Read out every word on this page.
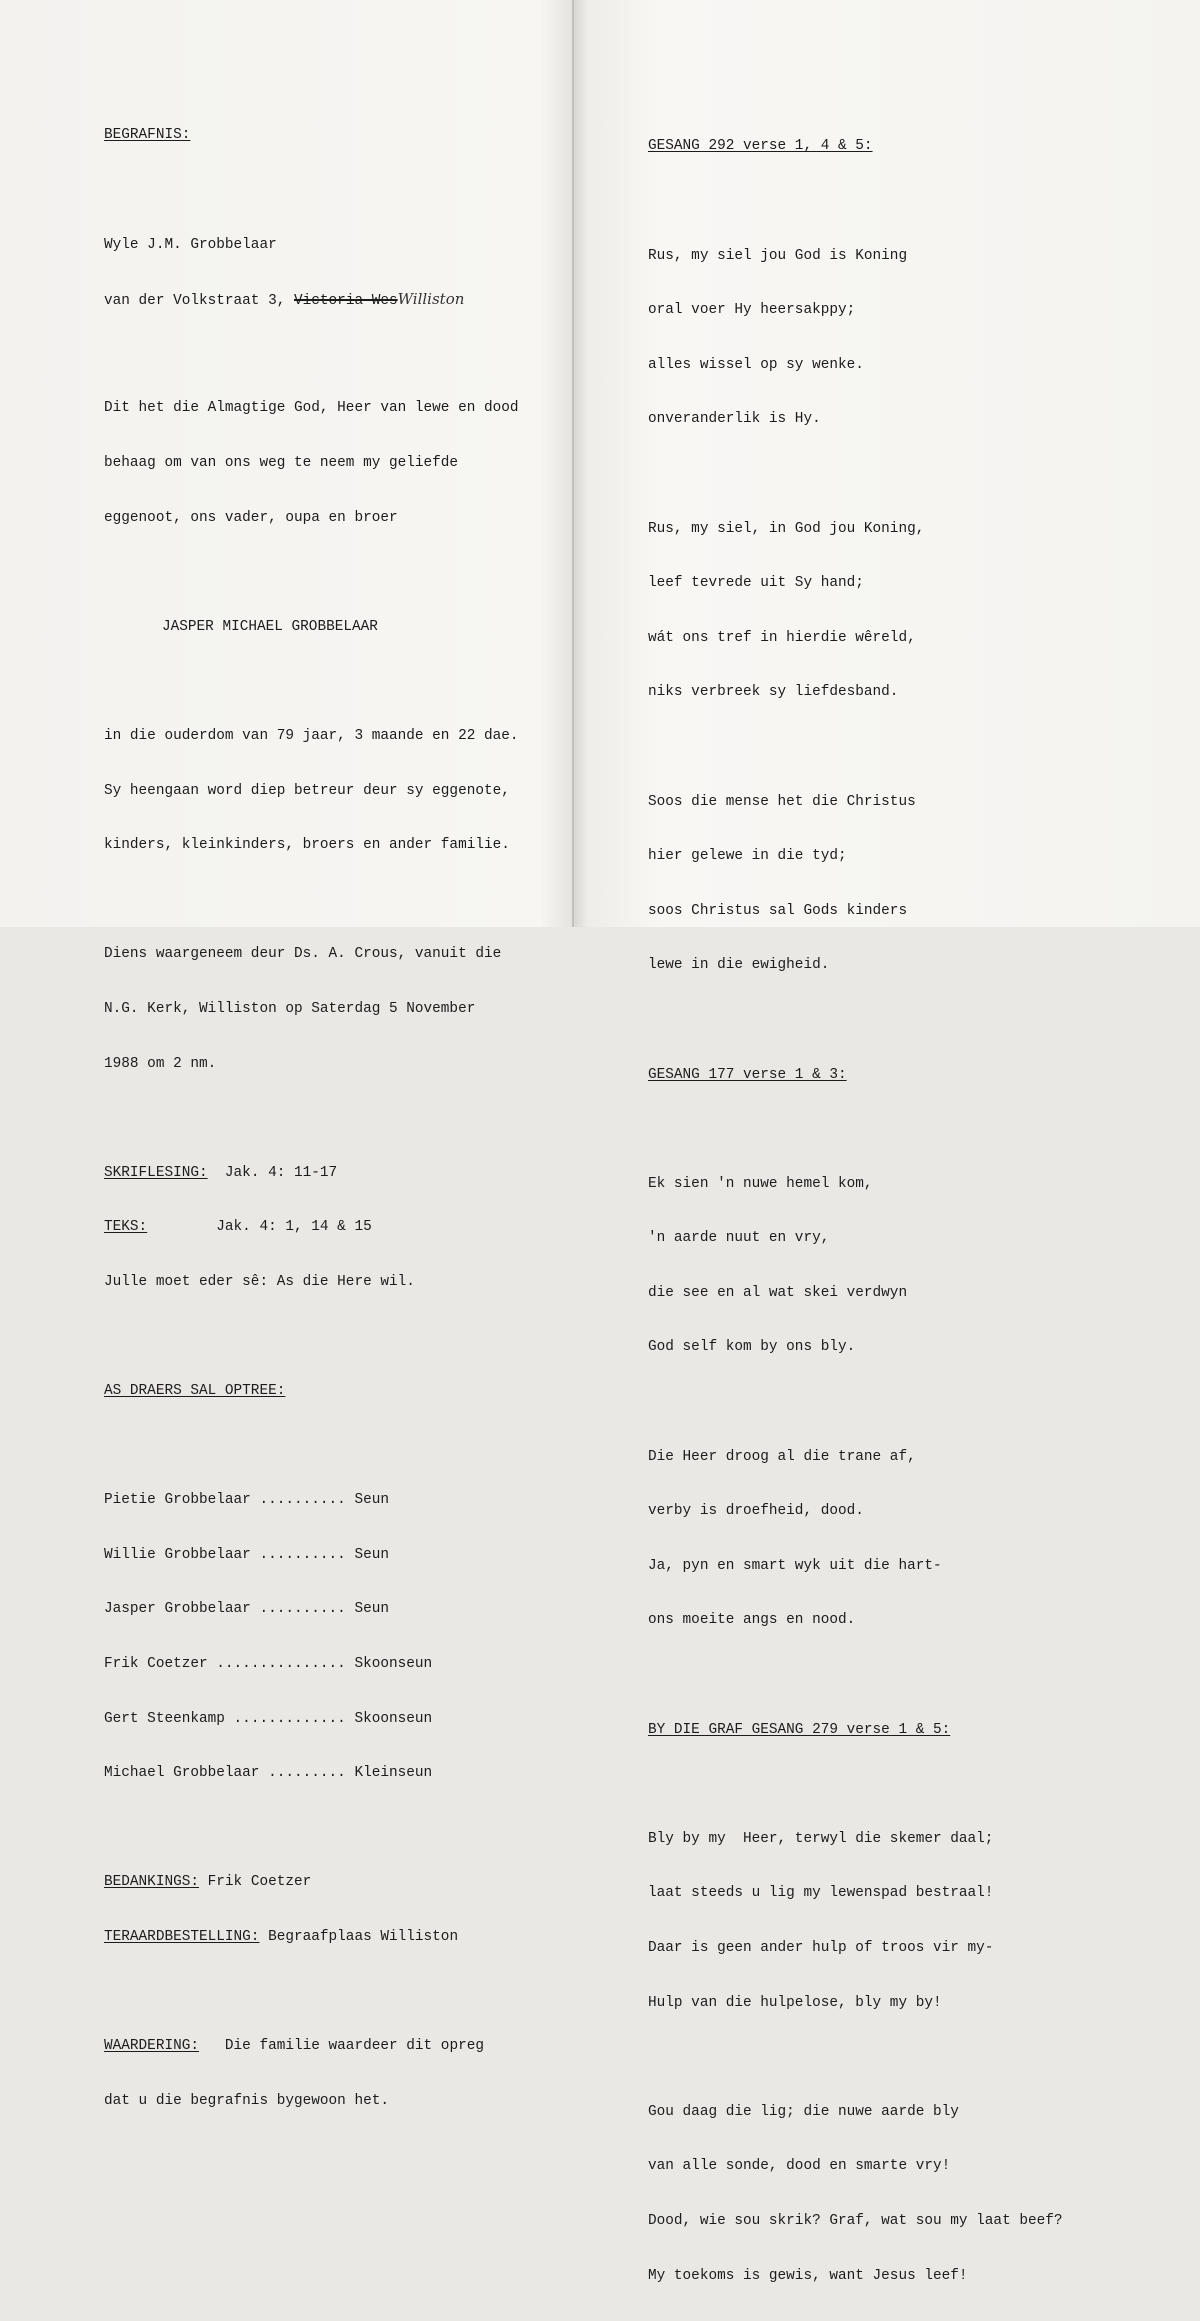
BEGRAFNIS:

Wyle J.M. Grobbelaar

van der Volkstraat 3, Victoria WesWilliston

Dit het die Almagtige God, Heer van lewe en dood

behaag om van ons weg te neem my geliefde

eggenoot, ons vader, oupa en broer

JASPER MICHAEL GROBBELAAR

in die ouderdom van 79 jaar, 3 maande en 22 dae.

Sy heengaan word diep betreur deur sy eggenote,

kinders, kleinkinders, broers en ander familie.

Diens waargeneem deur Ds. A. Crous, vanuit die

N.G. Kerk, Williston op Saterdag 5 November

1988 om 2 nm.

SKRIFLESING:  Jak. 4: 11-17

TEKS:        Jak. 4: 1, 14 & 15

Julle moet eder sê: As die Here wil.

AS DRAERS SAL OPTREE:

Pietie Grobbelaar .......... Seun

Willie Grobbelaar .......... Seun

Jasper Grobbelaar .......... Seun

Frik Coetzer ............... Skoonseun

Gert Steenkamp ............. Skoonseun

Michael Grobbelaar ......... Kleinseun

BEDANKINGS: Frik Coetzer

TERAARDBESTELLING: Begraafplaas Williston

WAARDERING:   Die familie waardeer dit opreg

dat u die begrafnis bygewoon het.

GESANG 292 verse 1, 4 & 5:

Rus, my siel jou God is Koning

oral voer Hy heersakppy;

alles wissel op sy wenke.

onveranderlik is Hy.

Rus, my siel, in God jou Koning,

leef tevrede uit Sy hand;

wát ons tref in hierdie wêreld,

niks verbreek sy liefdesband.

Soos die mense het die Christus

hier gelewe in die tyd;

soos Christus sal Gods kinders

lewe in die ewigheid.

GESANG 177 verse 1 & 3:

Ek sien 'n nuwe hemel kom,

'n aarde nuut en vry,

die see en al wat skei verdwyn

God self kom by ons bly.

Die Heer droog al die trane af,

verby is droefheid, dood.

Ja, pyn en smart wyk uit die hart-

ons moeite angs en nood.

BY DIE GRAF GESANG 279 verse 1 & 5:

Bly by my  Heer, terwyl die skemer daal;

laat steeds u lig my lewenspad bestraal!

Daar is geen ander hulp of troos vir my-

Hulp van die hulpelose, bly my by!

Gou daag die lig; die nuwe aarde bly

van alle sonde, dood en smarte vry!

Dood, wie sou skrik? Graf, wat sou my laat beef?

My toekoms is gewis, want Jesus leef!
